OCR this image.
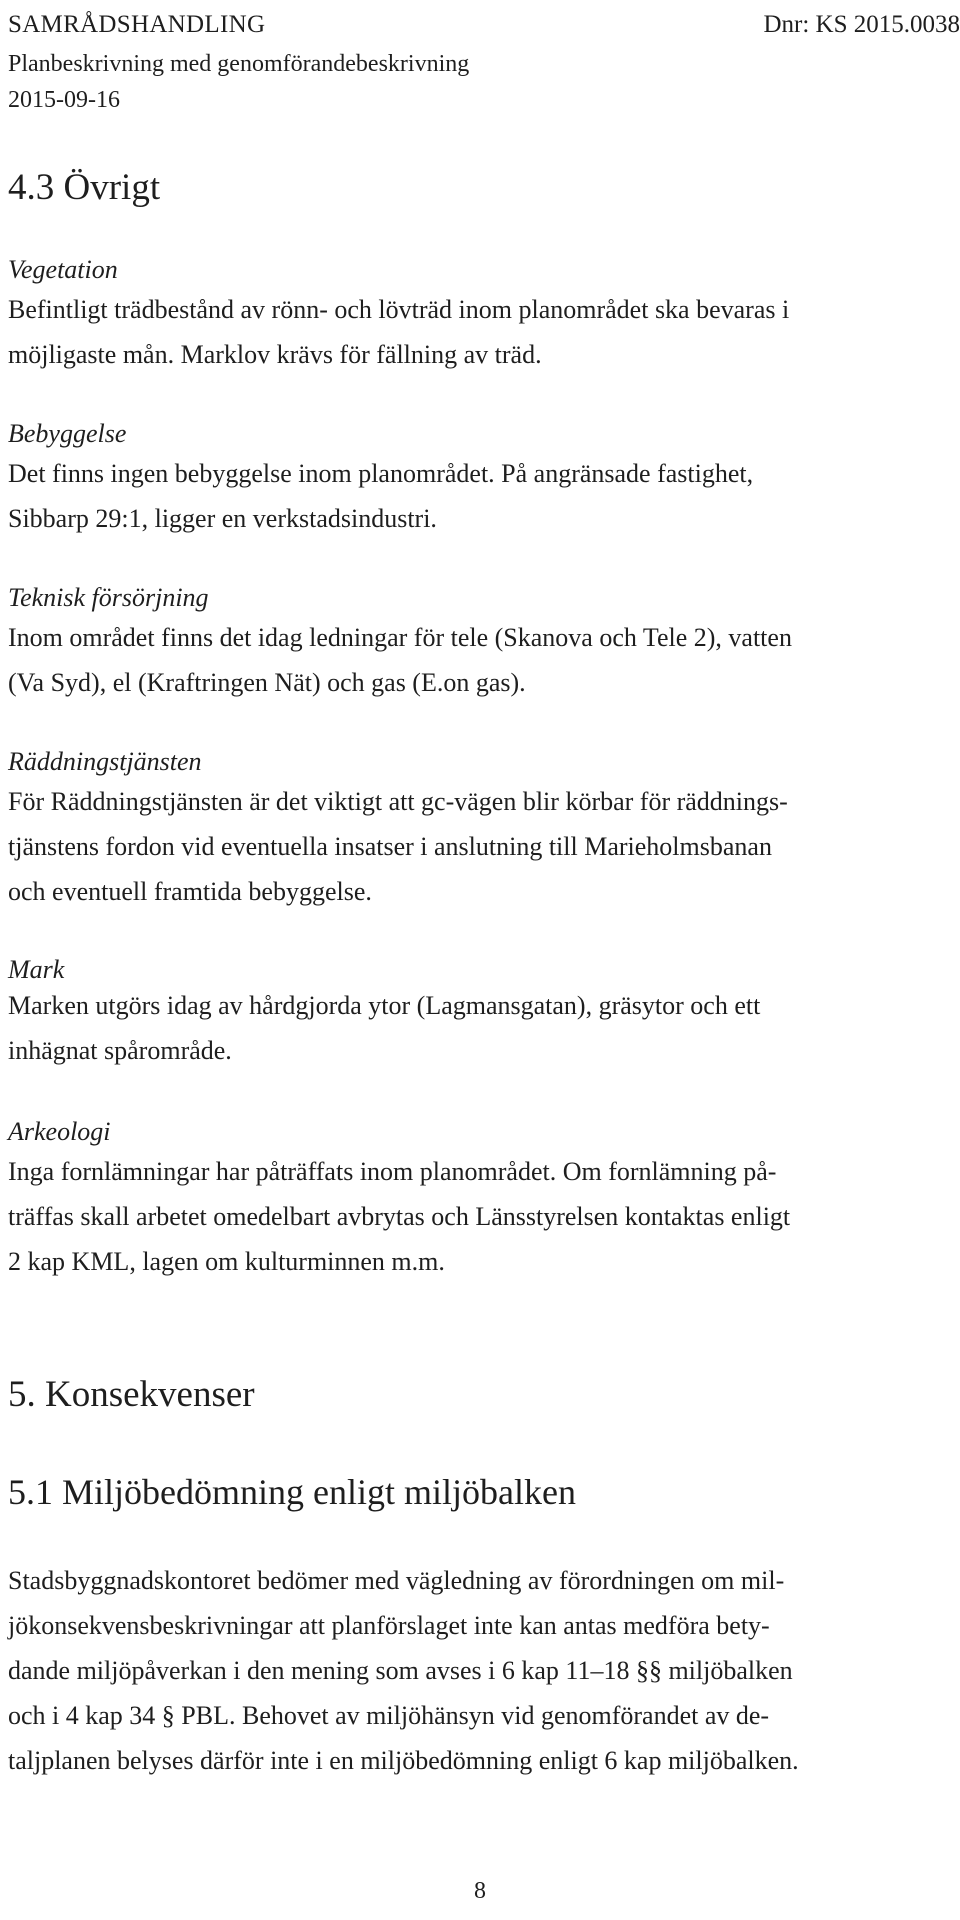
SAMRÅDSHANDLING
Planbeskrivning med genomförandebeskrivning
2015-09-16
Dnr: KS 2015.0038
4.3 Övrigt
Vegetation
Befintligt trädbestånd av rönn- och lövträd inom planområdet ska bevaras i
möjligaste mån. Marklov krävs för fällning av träd.
Bebyggelse
Det finns ingen bebyggelse inom planområdet. På angränsade fastighet,
Sibbarp 29:1, ligger en verkstadsindustri.
Teknisk försörjning
Inom området finns det idag ledningar för tele (Skanova och Tele 2), vatten
(Va Syd), el (Kraftringen Nät) och gas (E.on gas).
Räddningstjänsten
För Räddningstjänsten är det viktigt att gc-vägen blir körbar för räddnings-
tjänstens fordon vid eventuella insatser i anslutning till Marieholmsbanan
och eventuell framtida bebyggelse.
Mark
Marken utgörs idag av hårdgjorda ytor (Lagmansgatan), gräsytor och ett
inhägnat spårområde.
Arkeologi
Inga fornlämningar har påträffats inom planområdet. Om fornlämning på-
träffas skall arbetet omedelbart avbrytas och Länsstyrelsen kontaktas enligt
2 kap KML, lagen om kulturminnen m.m.
5. Konsekvenser
5.1 Miljöbedömning enligt miljöbalken
Stadsbyggnadskontoret bedömer med vägledning av förordningen om mil-
jökonsekvensbeskrivningar att planförslaget inte kan antas medföra bety-
dande miljöpåverkan i den mening som avses i 6 kap 11–18 §§ miljöbalken
och i 4 kap 34 § PBL. Behovet av miljöhänsyn vid genomförandet av de-
taljplanen belyses därför inte i en miljöbedömning enligt 6 kap miljöbalken.
8
